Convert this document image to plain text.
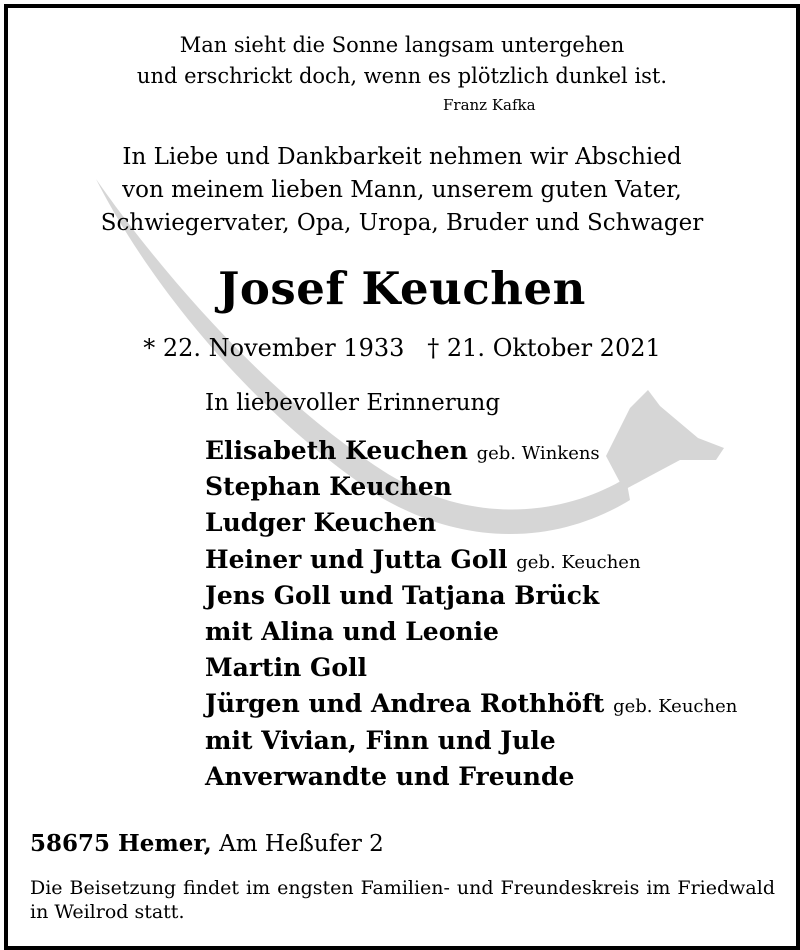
Man sieht die Sonne langsam untergehen
und erschrickt doch, wenn es plötzlich dunkel ist.
Franz Kafka
In Liebe und Dankbarkeit nehmen wir Abschied
von meinem lieben Mann, unserem guten Vater,
Schwiegervater, Opa, Uropa, Bruder und Schwager
Josef Keuchen
* 22. November 1933   † 21. Oktober 2021
In liebevoller Erinnerung
Elisabeth Keuchen geb. Winkens
Stephan Keuchen
Ludger Keuchen
Heiner und Jutta Goll geb. Keuchen
Jens Goll und Tatjana Brück
mit Alina und Leonie
Martin Goll
Jürgen und Andrea Rothhöft geb. Keuchen
mit Vivian, Finn und Jule
Anverwandte und Freunde
58675 Hemer, Am Heßufer 2
Die Beisetzung findet im engsten Familien- und Freundeskreis im Friedwald in Weilrod statt.
